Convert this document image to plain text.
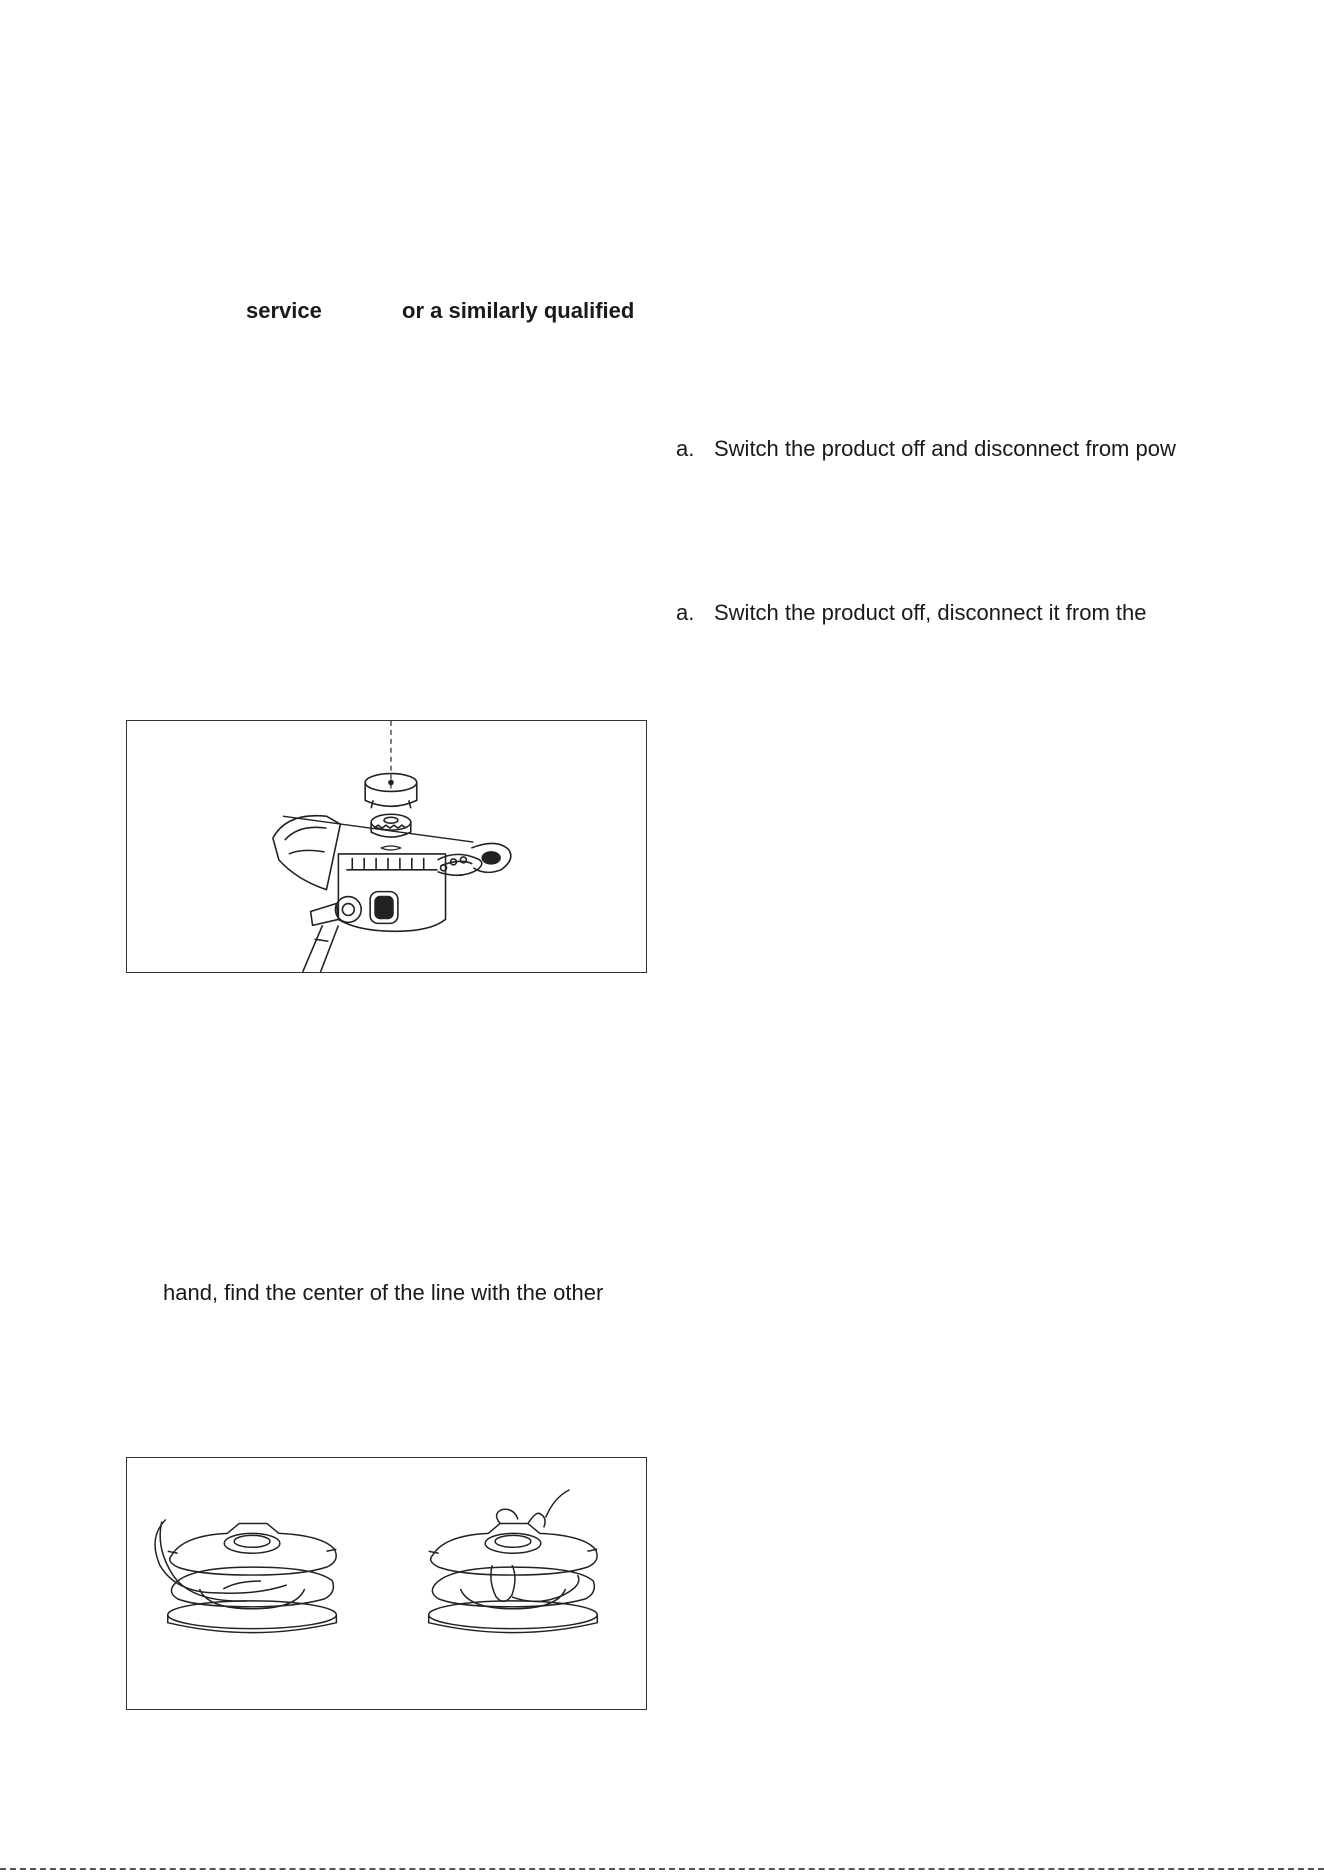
service	or a similarly qualified
a. Switch the product off and disconnect from pow
a. Switch the product off, disconnect it from the
hand, find the center of the line with the other
